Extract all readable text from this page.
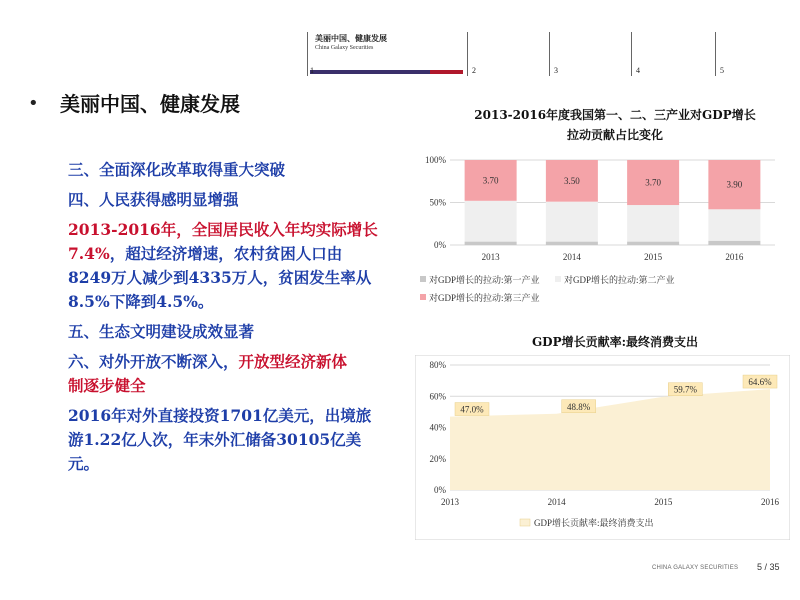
美丽中国、健康发展
China Galaxy Securities
1	2	3	4	5
• 美丽中国、健康发展
三、全面深化改革取得重大突破
四、人民获得感明显增强
2013-2016年，全国居民收入年均实际增长
7.4%，超过经济增速，农村贫困人口由
8249万人减少到4335万人，贫困发生率从
8.5%下降到4.5%。
五、生态文明建设成效显著
六、对外开放不断深入，开放型经济新体
制逐步健全
2016年对外直接投资1701亿美元，出境旅
游1.22亿人次，年末外汇储备30105亿美
元。
2013-2016年度我国第一、二、三产业对GDP增长
拉动贡献占比变化
0%
50%
100%
3.70
2013
3.50
2014
3.70
2015
3.90
2016
对GDP增长的拉动:第一产业	对GDP增长的拉动:第二产业
对GDP增长的拉动:第三产业
GDP增长贡献率:最终消费支出
0%
20%
40%
60%
80%
47.0%
2013
48.8%
2014
59.7%
2015
64.6%
2016
GDP增长贡献率:最终消费支出
CHINA GALAXY SECURITIES 5 / 35
